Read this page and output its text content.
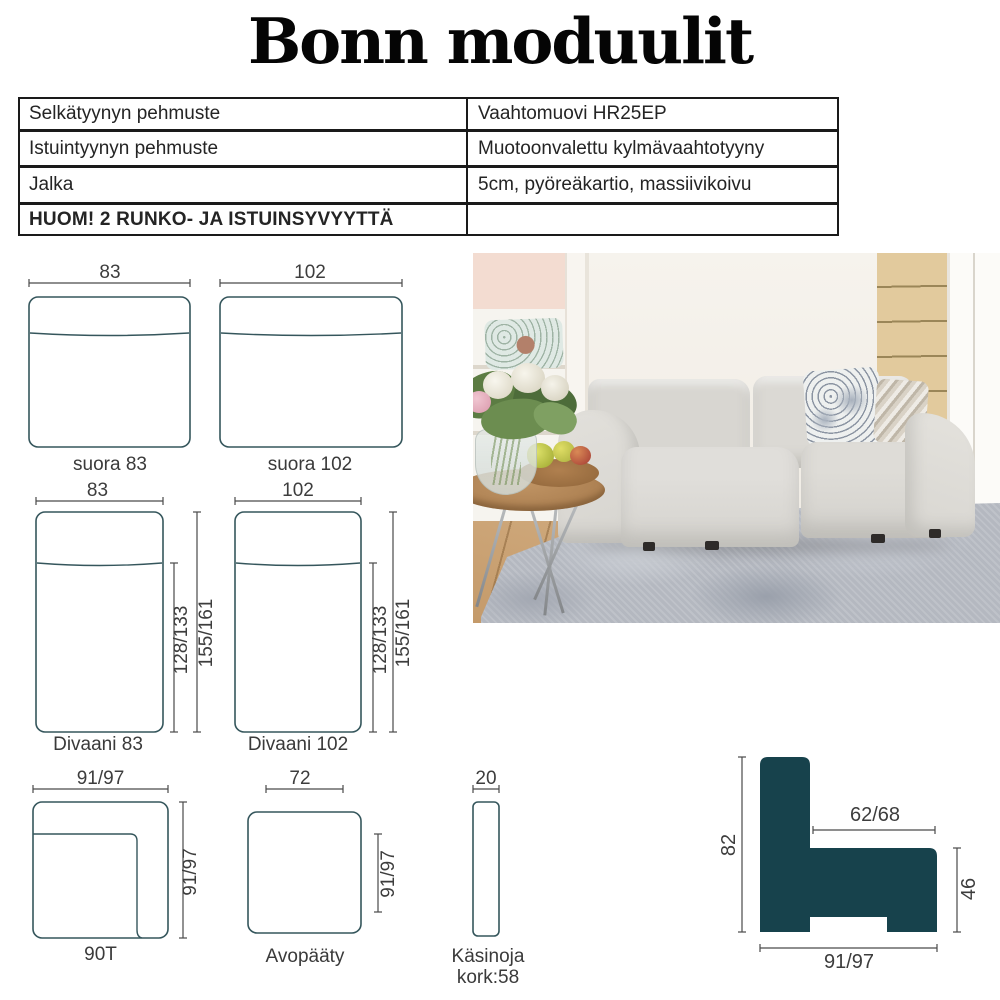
Bonn moduulit
Selkätyynyn pehmuste	Vaahtomuovi HR25EP
Istuintyynyn pehmuste	Muotoonvalettu kylmävaahtotyyny
Jalka	5cm, pyöreäkartio, massiivikoivu
HUOM! 2 RUNKO- JA ISTUINSYVYYTTÄ
83
suora 83
102
suora 102
83
128/133 155/161
Divaani 83
102
128/133 155/161
Divaani 102
91/97
91/97
90T
72
91/97
Avopääty
20
Käsinoja
kork:58
82
62/68
46
91/97
